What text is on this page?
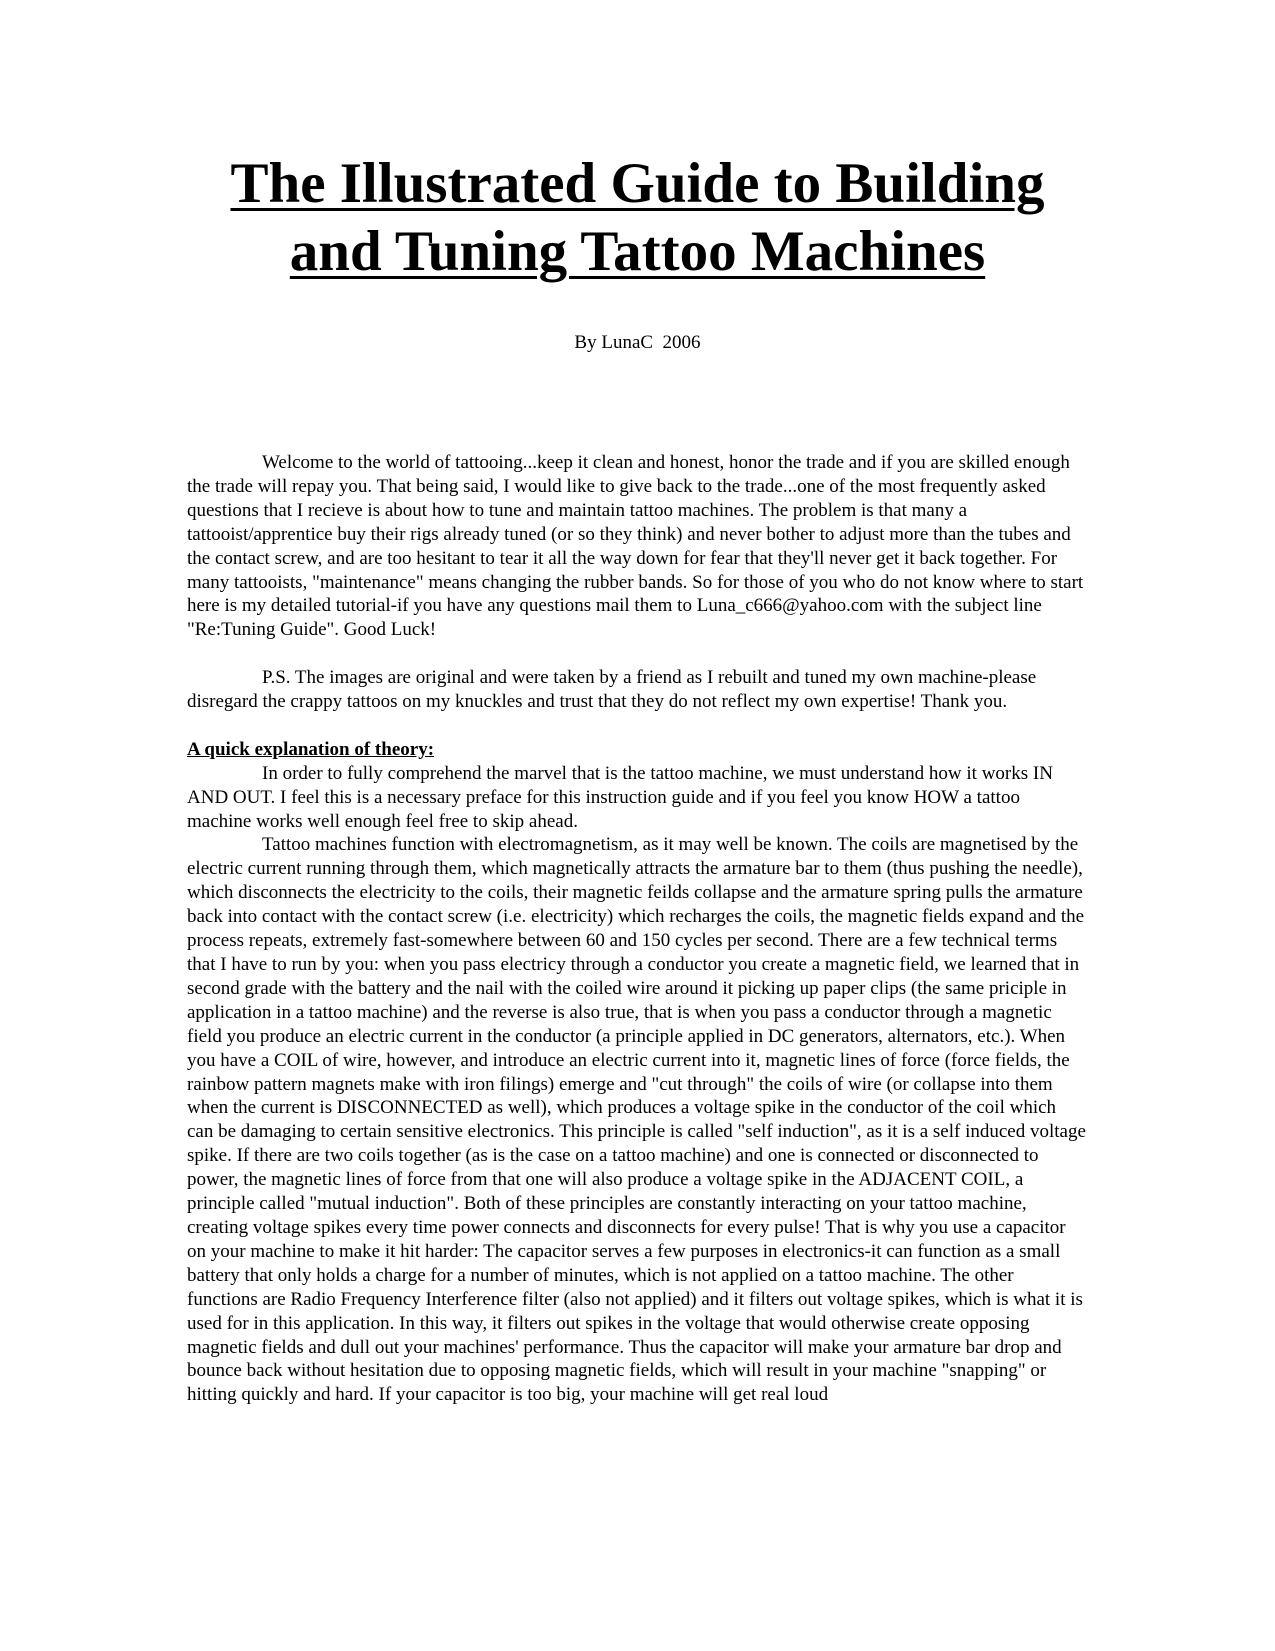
The Illustrated Guide to Building
and Tuning Tattoo Machines
By LunaC  2006

Welcome to the world of tattooing...keep it clean and honest, honor the trade and if you are skilled enough the trade will repay you. That being said, I would like to give back to the trade...one of the most frequently asked questions that I recieve is about how to tune and maintain tattoo machines. The problem is that many a tattooist/apprentice buy their rigs already tuned (or so they think) and never bother to adjust more than the tubes and the contact screw, and are too hesitant to tear it all the way down for fear that they'll never get it back together. For many tattooists, "maintenance" means changing the rubber bands. So for those of you who do not know where to start here is my detailed tutorial-if you have any questions mail them to Luna_c666@yahoo.com with the subject line "Re:Tuning Guide". Good Luck!

P.S. The images are original and were taken by a friend as I rebuilt and tuned my own machine-please disregard the crappy tattoos on my knuckles and trust that they do not reflect my own expertise! Thank you.

A quick explanation of theory:

In order to fully comprehend the marvel that is the tattoo machine, we must understand how it works IN AND OUT. I feel this is a necessary preface for this instruction guide and if you feel you know HOW a tattoo machine works well enough feel free to skip ahead.

Tattoo machines function with electromagnetism, as it may well be known. The coils are magnetised by the electric current running through them, which magnetically attracts the armature bar to them (thus pushing the needle), which disconnects the electricity to the coils, their magnetic feilds collapse and the armature spring pulls the armature back into contact with the contact screw (i.e. electricity) which recharges the coils, the magnetic fields expand and the process repeats, extremely fast-somewhere between 60 and 150 cycles per second. There are a few technical terms that I have to run by you: when you pass electricy through a conductor you create a magnetic field, we learned that in second grade with the battery and the nail with the coiled wire around it picking up paper clips (the same priciple in application in a tattoo machine) and the reverse is also true, that is when you pass a conductor through a magnetic field you produce an electric current in the conductor (a principle applied in DC generators, alternators, etc.). When you have a COIL of wire, however, and introduce an electric current into it, magnetic lines of force (force fields, the rainbow pattern magnets make with iron filings) emerge and "cut through" the coils of wire (or collapse into them when the current is DISCONNECTED as well), which produces a voltage spike in the conductor of the coil which can be damaging to certain sensitive electronics. This principle is called "self induction", as it is a self induced voltage spike. If there are two coils together (as is the case on a tattoo machine) and one is connected or disconnected to power, the magnetic lines of force from that one will also produce a voltage spike in the ADJACENT COIL, a principle called "mutual induction". Both of these principles are constantly interacting on your tattoo machine, creating voltage spikes every time power connects and disconnects for every pulse! That is why you use a capacitor on your machine to make it hit harder: The capacitor serves a few purposes in electronics-it can function as a small battery that only holds a charge for a number of minutes, which is not applied on a tattoo machine. The other functions are Radio Frequency Interference filter (also not applied) and it filters out voltage spikes, which is what it is used for in this application. In this way, it filters out spikes in the voltage that would otherwise create opposing magnetic fields and dull out your machines' performance. Thus the capacitor will make your armature bar drop and bounce back without hesitation due to opposing magnetic fields, which will result in your machine "snapping" or hitting quickly and hard. If your capacitor is too big, your machine will get real loud
